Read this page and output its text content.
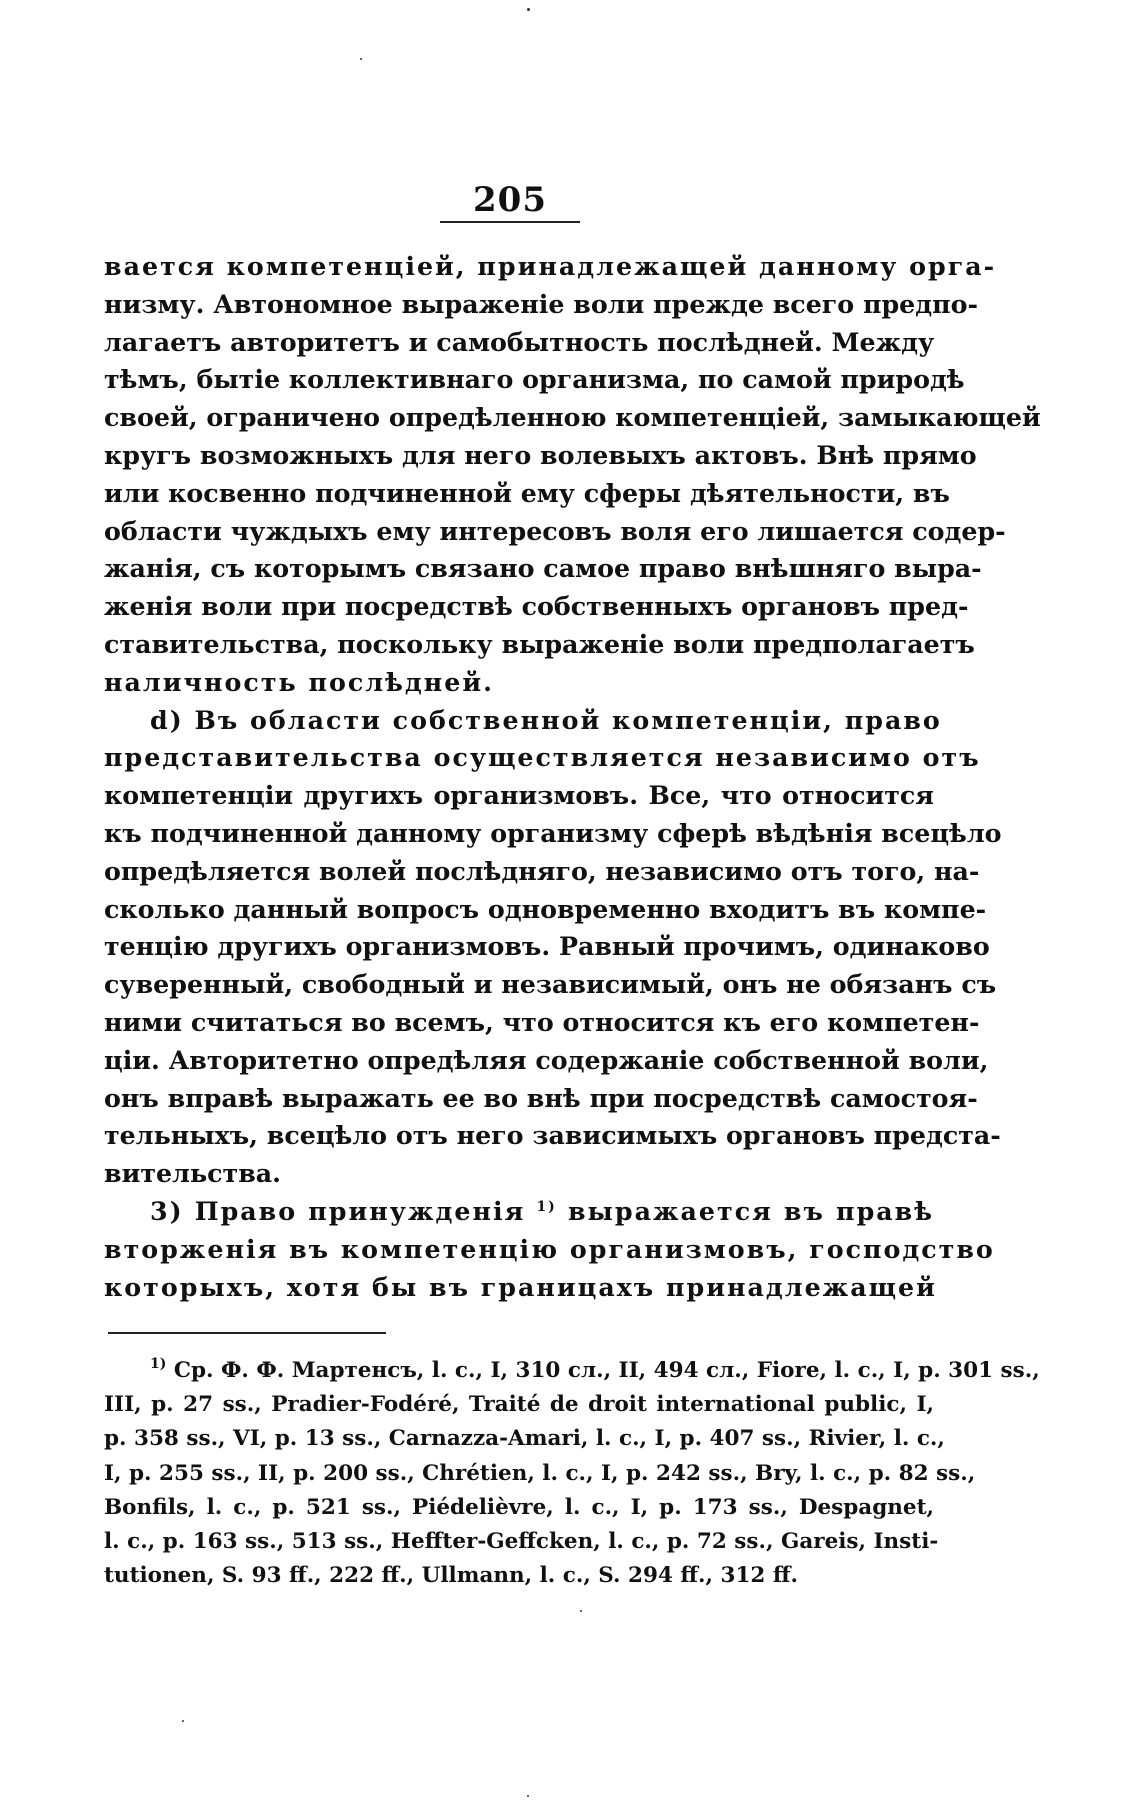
205
вается компетенціей, принадлежащей данному орга-
низму. Автономное выраженіе воли прежде всего предпо-
лагаетъ авторитетъ и самобытность послѣдней. Между
тѣмъ, бытіе коллективнаго организма, по самой природѣ
своей, ограничено опредѣленною компетенціей, замыкающей
кругъ возможныхъ для него волевыхъ актовъ. Внѣ прямо
или косвенно подчиненной ему сферы дѣятельности, въ
области чуждыхъ ему интересовъ воля его лишается содер-
жанія, съ которымъ связано самое право внѣшняго выра-
женія воли при посредствѣ собственныхъ органовъ пред-
ставительства, поскольку выраженіе воли предполагаетъ
наличность послѣдней.
d) Въ области собственной компетенціи, право
представительства осуществляется независимо отъ
компетенціи другихъ организмовъ. Все, что относится
къ подчиненной данному организму сферѣ вѣдѣнія всецѣло
опредѣляется волей послѣдняго, независимо отъ того, на-
сколько данный вопросъ одновременно входитъ въ компе-
тенцію другихъ организмовъ. Равный прочимъ, одинаково
суверенный, свободный и независимый, онъ не обязанъ съ
ними считаться во всемъ, что относится къ его компетен-
ціи. Авторитетно опредѣляя содержаніе собственной воли,
онъ вправѣ выражать ее во внѣ при посредствѣ самостоя-
тельныхъ, всецѣло отъ него зависимыхъ органовъ предста-
вительства.
3) Право принужденія $^{1)}$ выражается въ правѣ
вторженія въ компетенцію организмовъ, господство
которыхъ, хотя бы въ границахъ принадлежащей
$^{1)}$ Ср. Ф. Ф. Мартенсъ, l. c., I, 310 сл., II, 494 сл., Fiore, l. c., I, p. 301 ss.,
III, p. 27 ss., Pradier-Fodéré, Traité de droit international public, I,
p. 358 ss., VI, p. 13 ss., Carnazza-Amari, l. c., I, p. 407 ss., Rivier, l. c.,
I, p. 255 ss., II, p. 200 ss., Chrétien, l. c., I, p. 242 ss., Bry, l. c., p. 82 ss.,
Bonfils, l. c., p. 521 ss., Piédelièvre, l. c., I, p. 173 ss., Despagnet,
l. c., p. 163 ss., 513 ss., Heffter-Geffcken, l. c., p. 72 ss., Gareis, Insti-
tutionen, S. 93 ff., 222 ff., Ullmann, l. c., S. 294 ff., 312 ff.
